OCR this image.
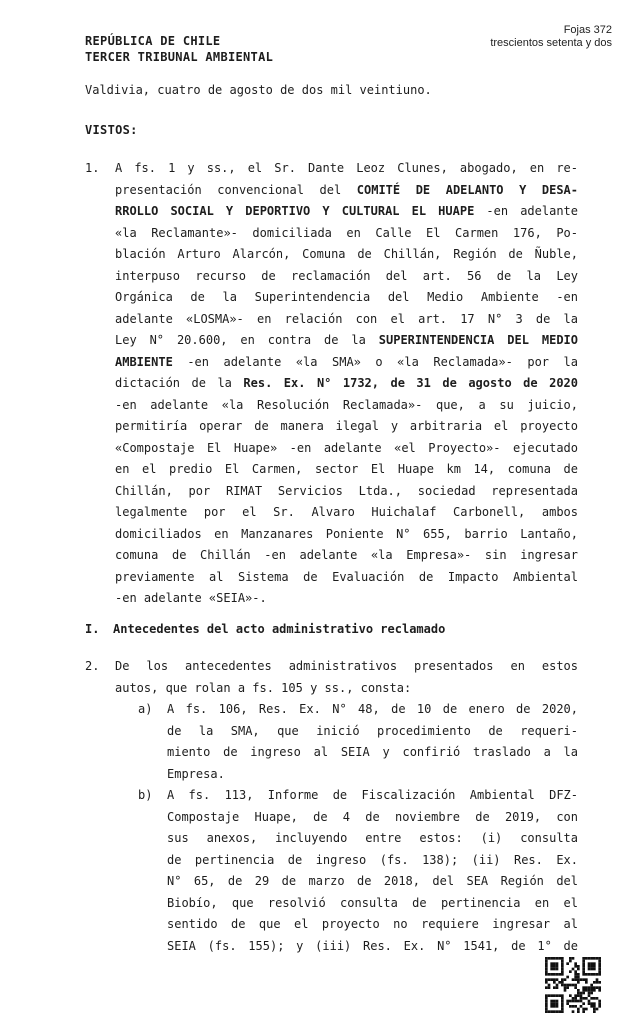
REPÚBLICA DE CHILE
TERCER TRIBUNAL AMBIENTAL
Fojas 372
trescientos setenta y dos
Valdivia, cuatro de agosto de dos mil veintiuno.
VISTOS:
1. A fs. 1 y ss., el Sr. Dante Leoz Clunes, abogado, en re-
presentación convencional del COMITÉ DE ADELANTO Y DESA-
RROLLO SOCIAL Y DEPORTIVO Y CULTURAL EL HUAPE -en adelante
«la Reclamante»- domiciliada en Calle El Carmen 176, Po-
blación Arturo Alarcón, Comuna de Chillán, Región de Ñuble,
interpuso recurso de reclamación del art. 56 de la Ley
Orgánica de la Superintendencia del Medio Ambiente -en
adelante «LOSMA»- en relación con el art. 17 N° 3 de la
Ley N° 20.600, en contra de la SUPERINTENDENCIA DEL MEDIO
AMBIENTE -en adelante «la SMA» o «la Reclamada»- por la
dictación de la Res. Ex. N° 1732, de 31 de agosto de 2020
-en adelante «la Resolución Reclamada»- que, a su juicio,
permitiría operar de manera ilegal y arbitraria el proyecto
«Compostaje El Huape» -en adelante «el Proyecto»- ejecutado
en el predio El Carmen, sector El Huape km 14, comuna de
Chillán, por RIMAT Servicios Ltda., sociedad representada
legalmente por el Sr. Alvaro Huichalaf Carbonell, ambos
domiciliados en Manzanares Poniente N° 655, barrio Lantaño,
comuna de Chillán -en adelante «la Empresa»- sin ingresar
previamente al Sistema de Evaluación de Impacto Ambiental
-en adelante «SEIA»-.
I. Antecedentes del acto administrativo reclamado
2. De los antecedentes administrativos presentados en estos
autos, que rolan a fs. 105 y ss., consta:
a) A fs. 106, Res. Ex. N° 48, de 10 de enero de 2020,
de la SMA, que inició procedimiento de requeri-
miento de ingreso al SEIA y confirió traslado a la
Empresa.
b) A fs. 113, Informe de Fiscalización Ambiental DFZ-
Compostaje Huape, de 4 de noviembre de 2019, con
sus anexos, incluyendo entre estos: (i) consulta
de pertinencia de ingreso (fs. 138); (ii) Res. Ex.
N° 65, de 29 de marzo de 2018, del SEA Región del
Biobío, que resolvió consulta de pertinencia en el
sentido de que el proyecto no requiere ingresar al
SEIA (fs. 155); y (iii) Res. Ex. N° 1541, de 1° de
